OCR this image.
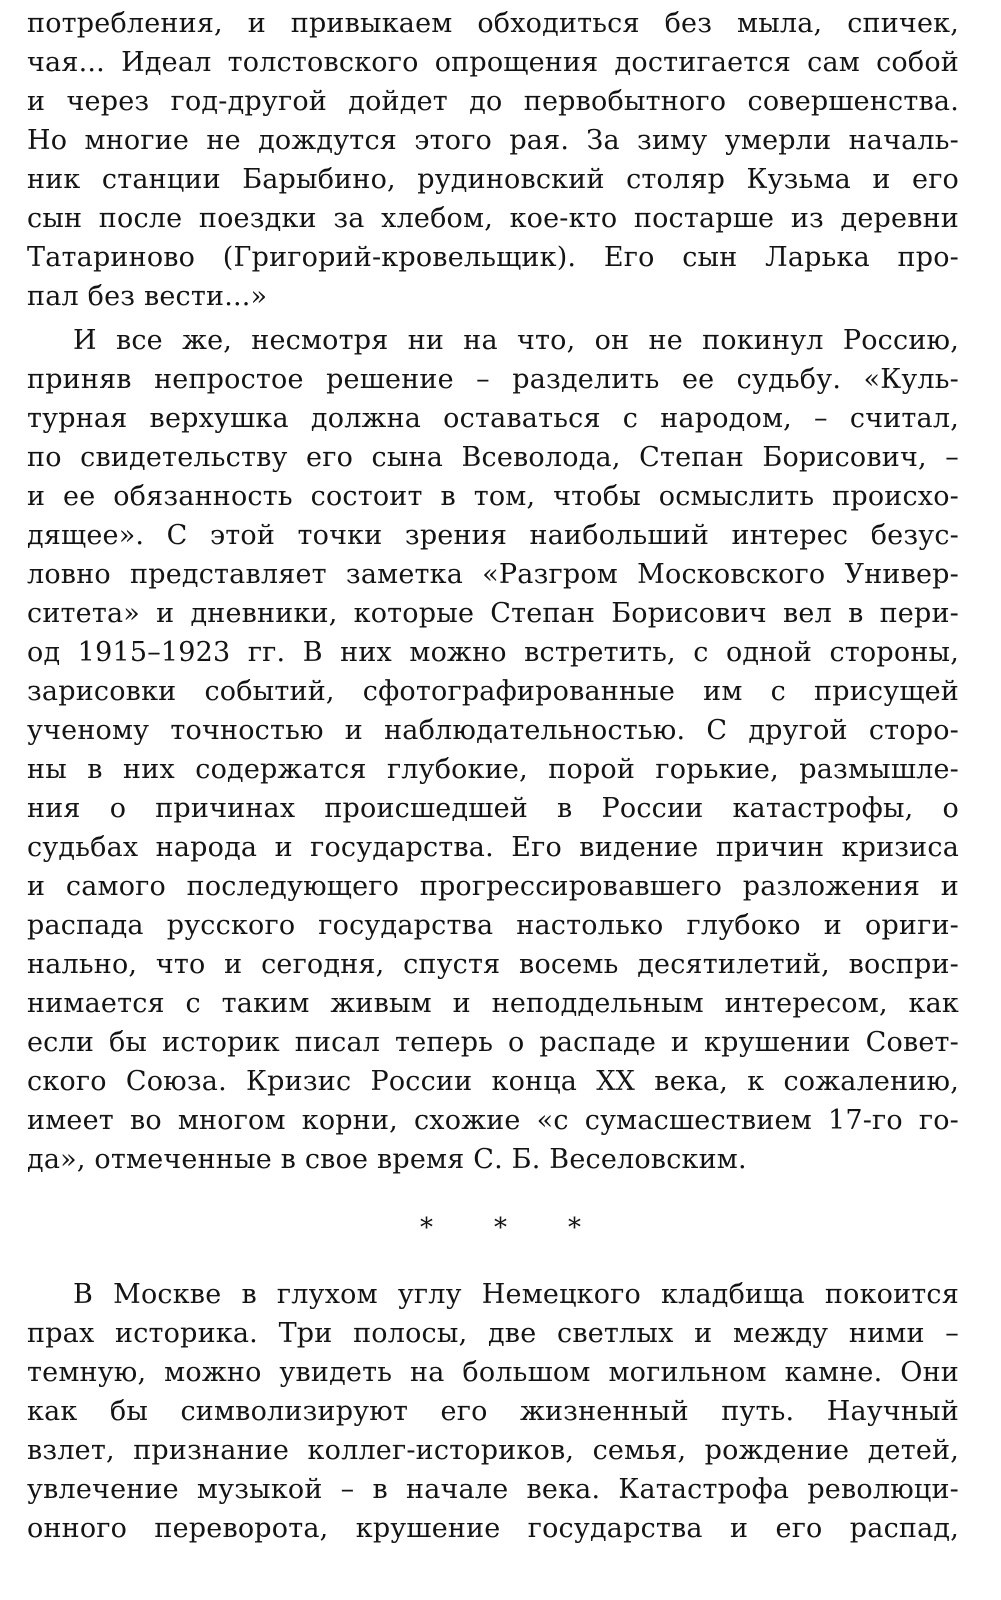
потребления, и привыкаем обходиться без мыла, спичек,
чая... Идеал толстовского опрощения достигается сам собой
и через год-другой дойдет до первобытного совершенства.
Но многие не дождутся этого рая. За зиму умерли началь-
ник станции Барыбино, рудиновский столяр Кузьма и его
сын после поездки за хлебом, кое-кто постарше из деревни
Татариново (Григорий-кровельщик). Его сын Ларька про-
пал без вести...»
И все же, несмотря ни на что, он не покинул Россию,
приняв непростое решение – разделить ее судьбу. «Куль-
турная верхушка должна оставаться с народом, – считал,
по свидетельству его сына Всеволода, Степан Борисович, –
и ее обязанность состоит в том, чтобы осмыслить происхо-
дящее». С этой точки зрения наибольший интерес безус-
ловно представляет заметка «Разгром Московского Универ-
ситета» и дневники, которые Степан Борисович вел в пери-
од 1915–1923 гг. В них можно встретить, с одной стороны,
зарисовки событий, сфотографированные им с присущей
ученому точностью и наблюдательностью. С другой сторо-
ны в них содержатся глубокие, порой горькие, размышле-
ния о причинах происшедшей в России катастрофы, о
судьбах народа и государства. Его видение причин кризиса
и самого последующего прогрессировавшего разложения и
распада русского государства настолько глубоко и ориги-
нально, что и сегодня, спустя восемь десятилетий, воспри-
нимается с таким живым и неподдельным интересом, как
если бы историк писал теперь о распаде и крушении Совет-
ского Союза. Кризис России конца XX века, к сожалению,
имеет во многом корни, схожие «с сумасшествием 17-го го-
да», отмеченные в свое время С. Б. Веселовским.
* * *
В Москве в глухом углу Немецкого кладбища покоится
прах историка. Три полосы, две светлых и между ними –
темную, можно увидеть на большом могильном камне. Они
как бы символизируют его жизненный путь. Научный
взлет, признание коллег-историков, семья, рождение детей,
увлечение музыкой – в начале века. Катастрофа революци-
онного переворота, крушение государства и его распад,
